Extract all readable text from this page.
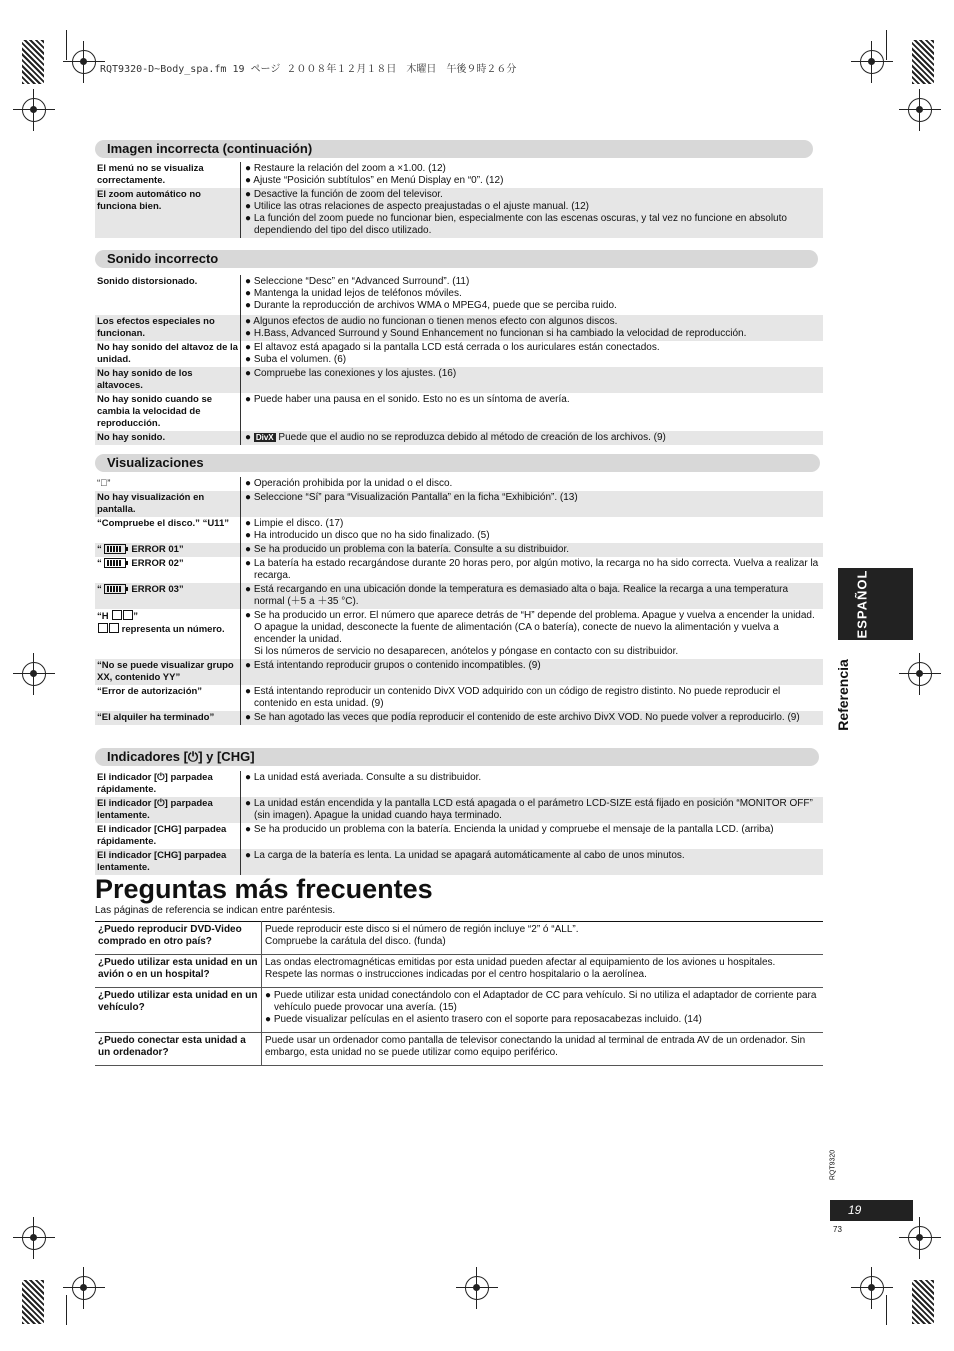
RQT9320-D~Body_spa.fm 19 ページ ２００８年１２月１８日　木曜日　午後９時２６分
Imagen incorrecta (continuación)
El menú no se visualiza correctamente.	● Restaure la relación del zoom a ×1.00. (12)
● Ajuste “Posición subtítulos” en Menú Display en “0”. (12)

El zoom automático no funciona bien.	● Desactive la función de zoom del televisor.
● Utilice las otras relaciones de aspecto preajustadas o el ajuste manual. (12)
● La función del zoom puede no funcionar bien, especialmente con las escenas oscuras, y tal vez no funcione en absoluto dependiendo del tipo del disco utilizado.
Sonido incorrecto
Sonido distorsionado.	● Seleccione “Desc” en “Advanced Surround”. (11)
● Mantenga la unidad lejos de teléfonos móviles.
● Durante la reproducción de archivos WMA o MPEG4, puede que se perciba ruido.

Los efectos especiales no funcionan.	● Algunos efectos de audio no funcionan o tienen menos efecto con algunos discos.
● H.Bass, Advanced Surround y Sound Enhancement no funcionan si ha cambiado la velocidad de reproducción.

No hay sonido del altavoz de la unidad.	● El altavoz está apagado si la pantalla LCD está cerrada o los auriculares están conectados.
● Suba el volumen. (6)

No hay sonido de los altavoces.	● Compruebe las conexiones y los ajustes. (16)

No hay sonido cuando se cambia la velocidad de reproducción.	● Puede haber una pausa en el sonido. Esto no es un síntoma de avería.

No hay sonido.	● DivX Puede que el audio no se reproduzca debido al método de creación de los archivos. (9)
Visualizaciones
“⃠”	● Operación prohibida por la unidad o el disco.

No hay visualización en pantalla.	● Seleccione “Sí” para “Visualización Pantalla” en la ficha “Exhibición”. (13)

“Compruebe el disco.” “U11”	● Limpie el disco. (17)
● Ha introducido un disco que no ha sido finalizado. (5)

“ ERROR 01”	● Se ha producido un problema con la batería. Consulte a su distribuidor.

“ ERROR 02”	● La batería ha estado recargándose durante 20 horas pero, por algún motivo, la recarga no ha sido correcta. Vuelva a realizar la recarga.

“ ERROR 03”	● Está recargando en una ubicación donde la temperatura es demasiado alta o baja. Realice la recarga a una temperatura normal (＋5 a ＋35 °C).

“H ”
representa un número.	● Se ha producido un error. El número que aparece detrás de “H” depende del problema. Apague y vuelva a encender la unidad. O apague la unidad, desconecte la fuente de alimentación (CA o batería), conecte de nuevo la alimentación y vuelva a encender la unidad.
Si los números de servicio no desaparecen, anótelos y póngase en contacto con su distribuidor.

“No se puede visualizar grupo XX, contenido YY”	● Está intentando reproducir grupos o contenido incompatibles. (9)

“Error de autorización”	● Está intentando reproducir un contenido DivX VOD adquirido con un código de registro distinto. No puede reproducir el contenido en esta unidad. (9)

“El alquiler ha terminado”	● Se han agotado las veces que podía reproducir el contenido de este archivo DivX VOD. No puede volver a reproducirlo. (9)
Indicadores [⏻] y [CHG]
El indicador [⏻] parpadea rápidamente.	● La unidad está averiada. Consulte a su distribuidor.

El indicador [⏻] parpadea lentamente.	● La unidad están encendida y la pantalla LCD está apagada o el parámetro LCD-SIZE está fijado en posición “MONITOR OFF” (sin imagen). Apague la unidad cuando haya terminado.

El indicador [CHG] parpadea rápidamente.	● Se ha producido un problema con la batería. Encienda la unidad y compruebe el mensaje de la pantalla LCD. (arriba)

El indicador [CHG] parpadea lentamente.	● La carga de la batería es lenta. La unidad se apagará automáticamente al cabo de unos minutos.
Preguntas más frecuentes
Las páginas de referencia se indican entre paréntesis.
¿Puedo reproducir DVD-Video comprado en otro país?	Puede reproducir este disco si el número de región incluye “2” ó “ALL”.
Compruebe la carátula del disco. (funda)

¿Puedo utilizar esta unidad en un avión o en un hospital?	Las ondas electromagnéticas emitidas por esta unidad pueden afectar al equipamiento de los aviones u hospitales.
Respete las normas o instrucciones indicadas por el centro hospitalario o la aerolínea.

¿Puedo utilizar esta unidad en un vehículo?	● Puede utilizar esta unidad conectándolo con el Adaptador de CC para vehículo. Si no utiliza el adaptador de corriente para vehículo puede provocar una avería. (15)
● Puede visualizar películas en el asiento trasero con el soporte para reposacabezas incluido. (14)

¿Puedo conectar esta unidad a un ordenador?	Puede usar un ordenador como pantalla de televisor conectando la unidad al terminal de entrada AV de un ordenador. Sin embargo, esta unidad no se puede utilizar como equipo periférico.
ESPAÑOL
Referencia
RQT9320
19
73
